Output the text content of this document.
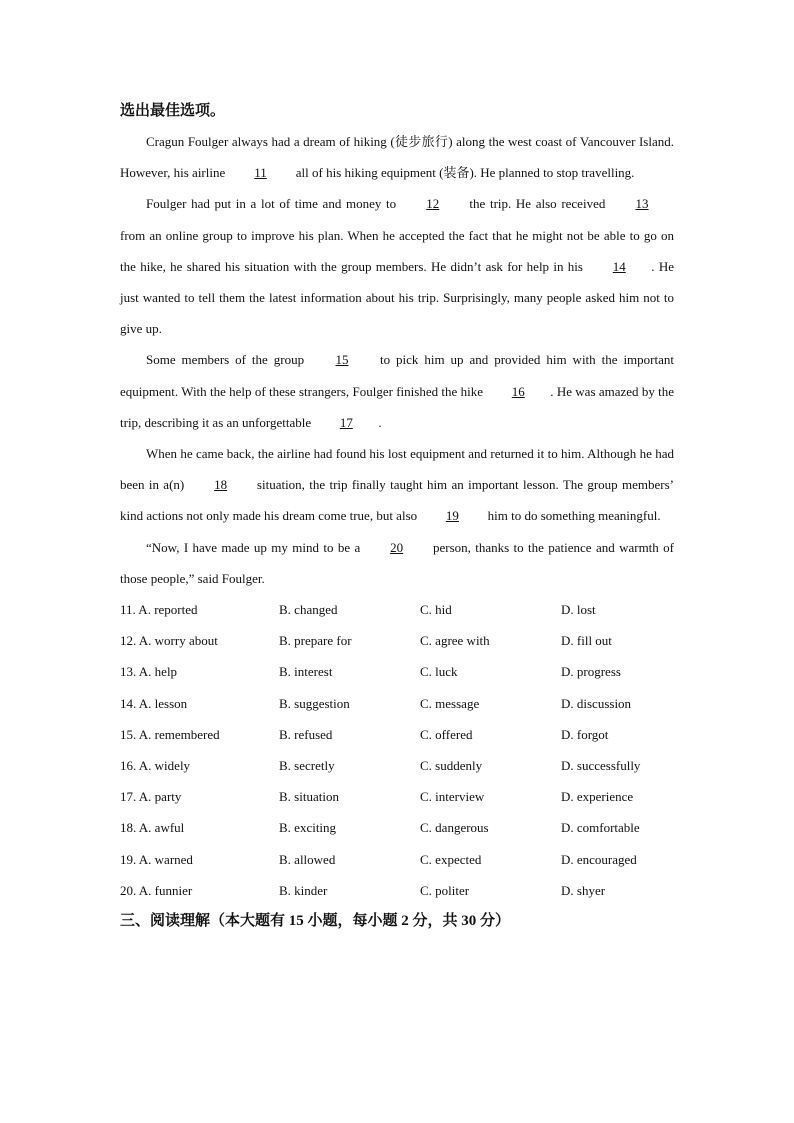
选出最佳选项。

Cragun Foulger always had a dream of hiking (徒步旅行) along the west coast of Vancouver Island. However, his airline 11 all of his hiking equipment (装备). He planned to stop travelling.

Foulger had put in a lot of time and money to 12 the trip. He also received 13 from an online group to improve his plan. When he accepted the fact that he might not be able to go on the hike, he shared his situation with the group members. He didn’t ask for help in his 14 . He just wanted to tell them the latest information about his trip. Surprisingly, many people asked him not to give up.

Some members of the group 15 to pick him up and provided him with the important equipment. With the help of these strangers, Foulger finished the hike 16 . He was amazed by the trip, describing it as an unforgettable 17 .

When he came back, the airline had found his lost equipment and returned it to him. Although he had been in a(n) 18 situation, the trip finally taught him an important lesson. The group members’ kind actions not only made his dream come true, but also 19 him to do something meaningful.

“Now, I have made up my mind to be a 20 person, thanks to the patience and warmth of those people,” said Foulger.

11. A. reported	B. changed	C. hid	D. lost
12. A. worry about	B. prepare for	C. agree with	D. fill out
13. A. help	B. interest	C. luck	D. progress
14. A. lesson	B. suggestion	C. message	D. discussion
15. A. remembered	B. refused	C. offered	D. forgot
16. A. widely	B. secretly	C. suddenly	D. successfully
17. A. party	B. situation	C. interview	D. experience
18. A. awful	B. exciting	C. dangerous	D. comfortable
19. A. warned	B. allowed	C. expected	D. encouraged
20. A. funnier	B. kinder	C. politer	D. shyer

三、阅读理解（本大题有 15 小题，每小题 2 分，共 30 分）
